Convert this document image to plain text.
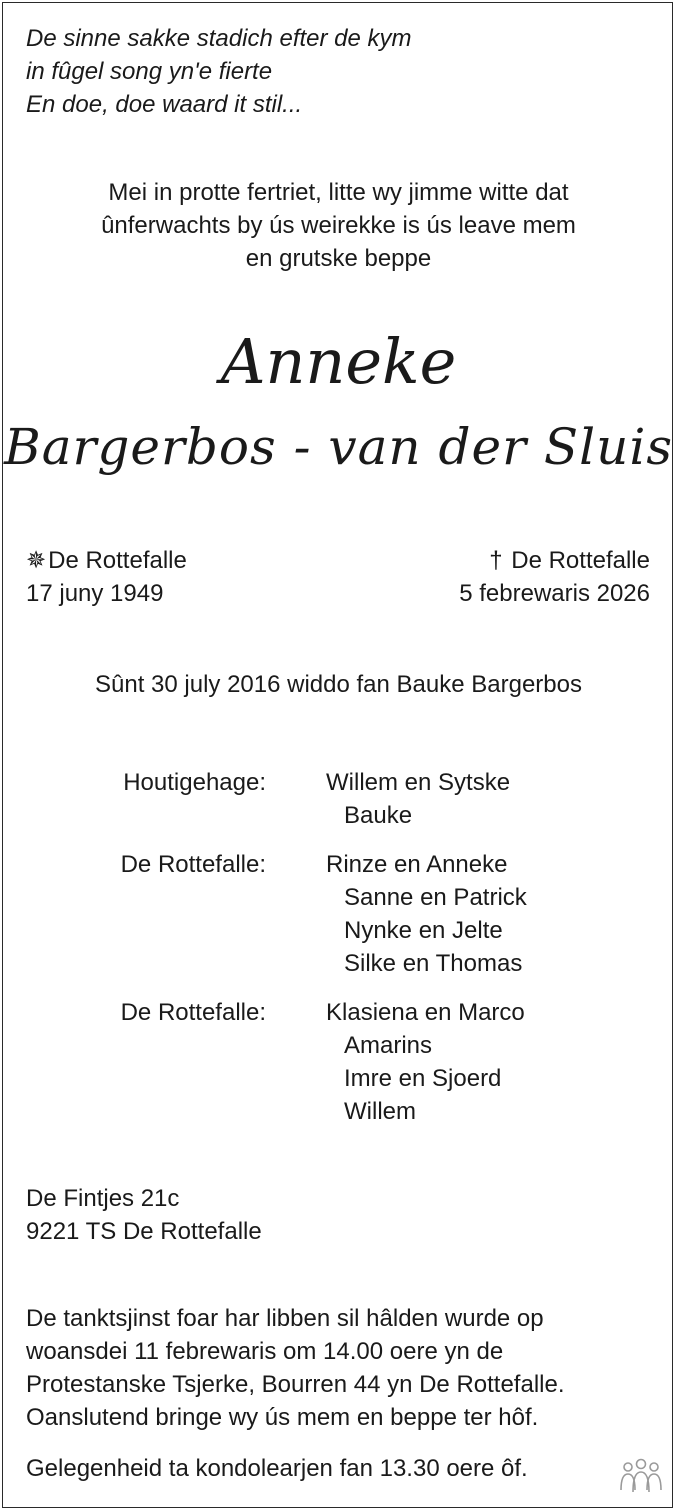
De sinne sakke stadich efter de kym
in fûgel song yn'e fierte
En doe, doe waard it stil...
Mei in protte fertriet, litte wy jimme witte dat
ûnferwachts by ús weirekke is ús leave mem
en grutske beppe
Anneke
Bargerbos - van der Sluis
✵De Rottefalle
17 juny 1949
† De Rottefalle
5 febrewaris 2026
Sûnt 30 july 2016 widdo fan Bauke Bargerbos
Houtigehage:	Willem en Sytske
Bauke
De Rottefalle:	Rinze en Anneke
Sanne en Patrick
Nynke en Jelte
Silke en Thomas
De Rottefalle:	Klasiena en Marco
Amarins
Imre en Sjoerd
Willem
De Fintjes 21c
9221 TS De Rottefalle
De tanktsjinst foar har libben sil hâlden wurde op
woansdei 11 febrewaris om 14.00 oere yn de
Protestanske Tsjerke, Bourren 44 yn De Rottefalle.
Oanslutend bringe wy ús mem en beppe ter hôf.
Gelegenheid ta kondolearjen fan 13.30 oere ôf.
